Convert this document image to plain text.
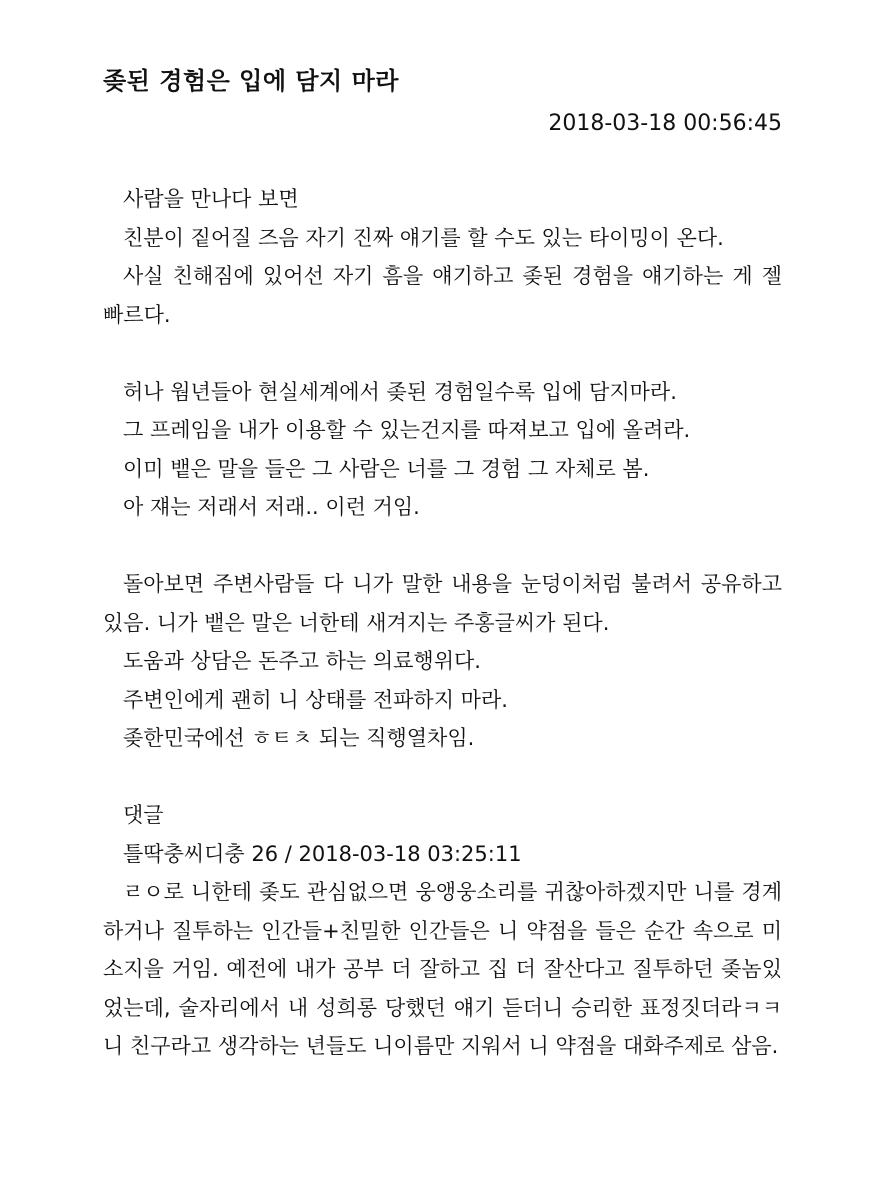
좆된 경험은 입에 담지 마라
2018-03-18 00:56:45

사람을 만나다 보면

친분이 짙어질 즈음 자기 진짜 얘기를 할 수도 있는 타이밍이 온다.

사실 친해짐에 있어선 자기 흠을 얘기하고 좆된 경험을 얘기하는 게 젤 빠르다.

허나 웜년들아 현실세계에서 좆된 경험일수록 입에 담지마라.

그 프레임을 내가 이용할 수 있는건지를 따져보고 입에 올려라.

이미 뱉은 말을 들은 그 사람은 너를 그 경험 그 자체로 봄.

아 쟤는 저래서 저래.. 이런 거임.

돌아보면 주변사람들 다 니가 말한 내용을 눈덩이처럼 불려서 공유하고 있음. 니가 뱉은 말은 너한테 새겨지는 주홍글씨가 된다.

도움과 상담은 돈주고 하는 의료행위다.

주변인에게 괜히 니 상태를 전파하지 마라.

좆한민국에선 ㅎㅌㅊ 되는 직행열차임.

댓글

틀딱충씨디충 26 / 2018-03-18 03:25:11

ㄹㅇ로 니한테 좆도 관심없으면 웅앵웅소리를 귀찮아하겠지만 니를 경계하거나 질투하는 인간들+친밀한 인간들은 니 약점을 들은 순간 속으로 미소지을 거임. 예전에 내가 공부 더 잘하고 집 더 잘산다고 질투하던 좆놈있었는데, 술자리에서 내 성희롱 당했던 얘기 듣더니 승리한 표정짓더라ㅋㅋ 니 친구라고 생각하는 년들도 니이름만 지워서 니 약점을 대화주제로 삼음.
